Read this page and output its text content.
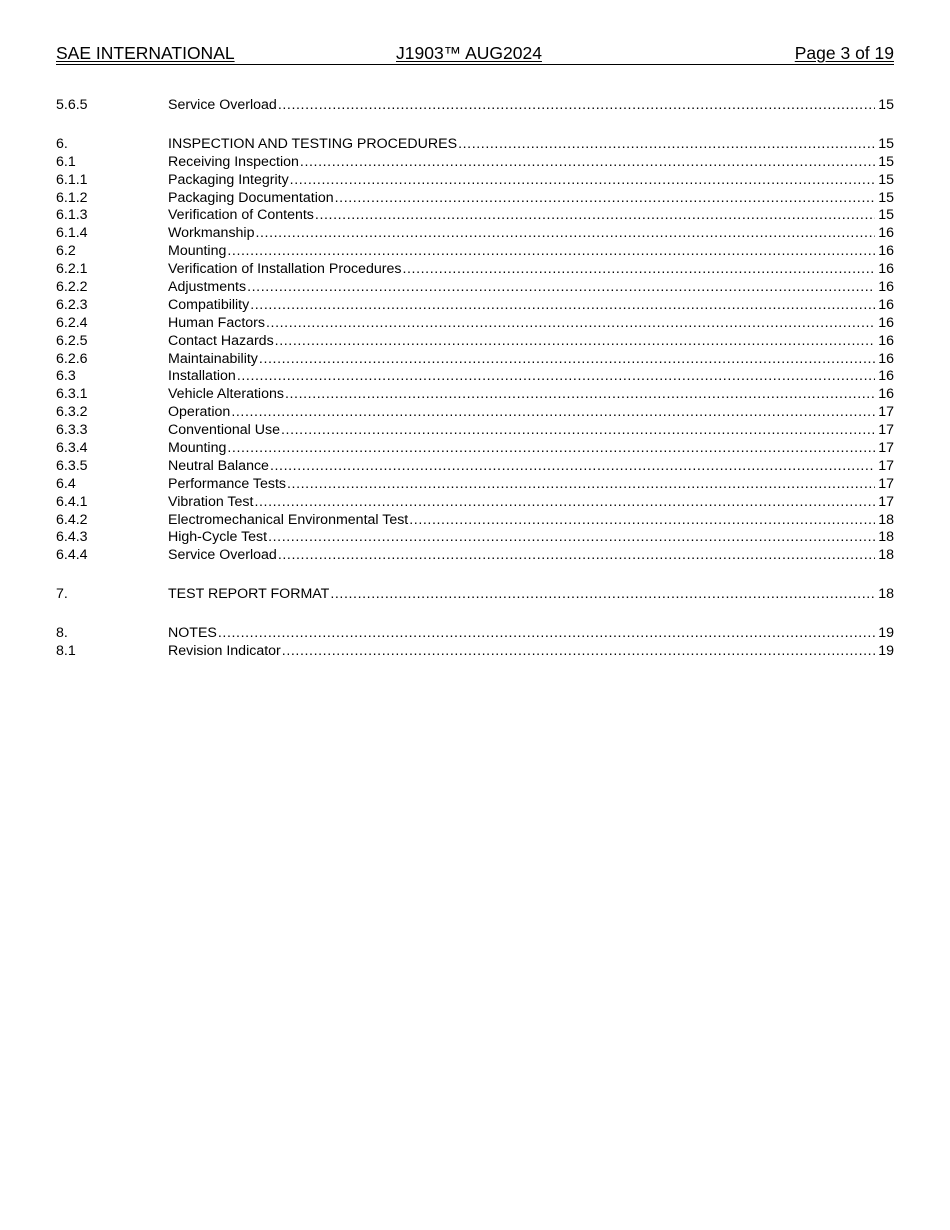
SAE INTERNATIONAL	J1903™ AUG2024	Page 3 of 19
5.6.5	Service Overload .....	15
6.	INSPECTION AND TESTING PROCEDURES .....	15
6.1	Receiving Inspection .....	15
6.1.1	Packaging Integrity .....	15
6.1.2	Packaging Documentation .....	15
6.1.3	Verification of Contents .....	15
6.1.4	Workmanship .....	16
6.2	Mounting .....	16
6.2.1	Verification of Installation Procedures .....	16
6.2.2	Adjustments .....	16
6.2.3	Compatibility .....	16
6.2.4	Human Factors .....	16
6.2.5	Contact Hazards .....	16
6.2.6	Maintainability .....	16
6.3	Installation .....	16
6.3.1	Vehicle Alterations .....	16
6.3.2	Operation .....	17
6.3.3	Conventional Use .....	17
6.3.4	Mounting .....	17
6.3.5	Neutral Balance .....	17
6.4	Performance Tests .....	17
6.4.1	Vibration Test .....	17
6.4.2	Electromechanical Environmental Test .....	18
6.4.3	High-Cycle Test .....	18
6.4.4	Service Overload .....	18
7.	TEST REPORT FORMAT .....	18
8.	NOTES .....	19
8.1	Revision Indicator .....	19
